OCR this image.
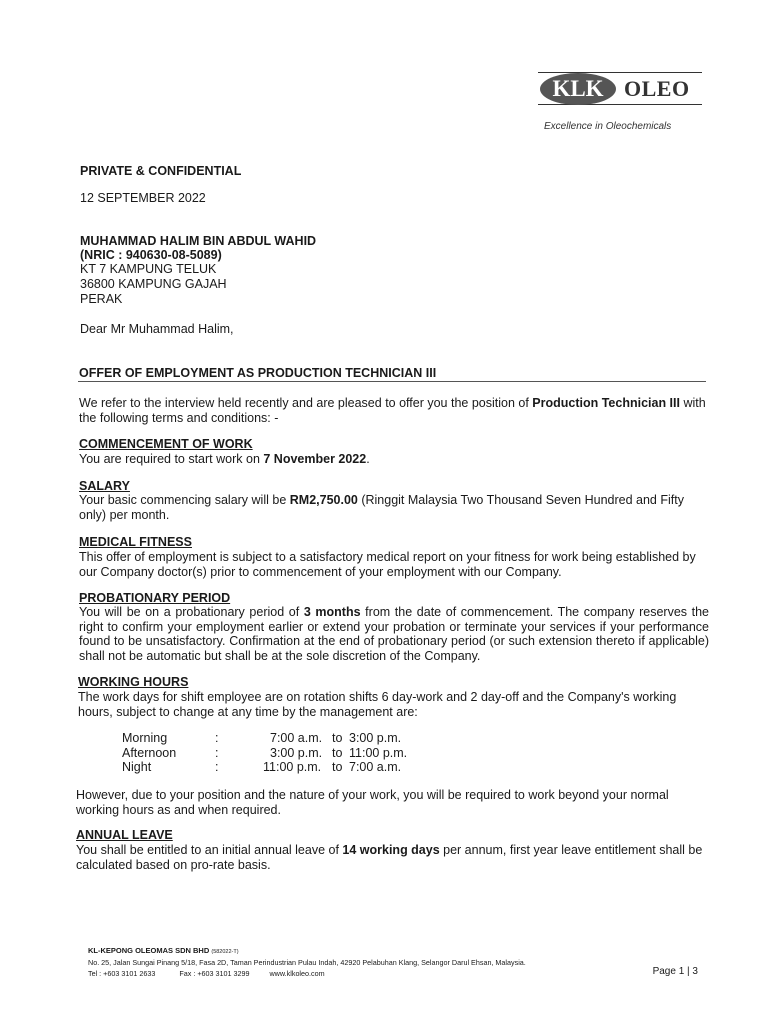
KLK OLEO
Excellence in Oleochemicals
PRIVATE & CONFIDENTIAL
12 SEPTEMBER 2022
MUHAMMAD HALIM BIN ABDUL WAHID
(NRIC : 940630-08-5089)
KT 7 KAMPUNG TELUK
36800 KAMPUNG GAJAH
PERAK
Dear Mr Muhammad Halim,
OFFER OF EMPLOYMENT AS PRODUCTION TECHNICIAN III
We refer to the interview held recently and are pleased to offer you the position of Production Technician III with the following terms and conditions: -
COMMENCEMENT OF WORK
You are required to start work on 7 November 2022.
SALARY
Your basic commencing salary will be RM2,750.00 (Ringgit Malaysia Two Thousand Seven Hundred and Fifty only) per month.
MEDICAL FITNESS
This offer of employment is subject to a satisfactory medical report on your fitness for work being established by our Company doctor(s) prior to commencement of your employment with our Company.
PROBATIONARY PERIOD
You will be on a probationary period of 3 months from the date of commencement. The company reserves the right to confirm your employment earlier or extend your probation or terminate your services if your performance found to be unsatisfactory. Confirmation at the end of probationary period (or such extension thereto if applicable) shall not be automatic but shall be at the sole discretion of the Company.
WORKING HOURS
The work days for shift employee are on rotation shifts 6 day-work and 2 day-off and the Company's working hours, subject to change at any time by the management are:
Morning	:	7:00 a.m. to 3:00 p.m.
Afternoon	:	3:00 p.m. to 11:00 p.m.
Night	:	11:00 p.m. to 7:00 a.m.
However, due to your position and the nature of your work, you will be required to work beyond your normal working hours as and when required.
ANNUAL LEAVE
You shall be entitled to an initial annual leave of 14 working days per annum, first year leave entitlement shall be calculated based on pro-rate basis.
KL-KEPONG OLEOMAS SDN BHD (582022-T)
No. 25, Jalan Sungai Pinang 5/18, Fasa 2D, Taman Perindustrian Pulau Indah, 42920 Pelabuhan Klang, Selangor Darul Ehsan, Malaysia.
Tel : +603 3101 2633	Fax : +603 3101 3299	www.klkoleo.com	Page 1 | 3
